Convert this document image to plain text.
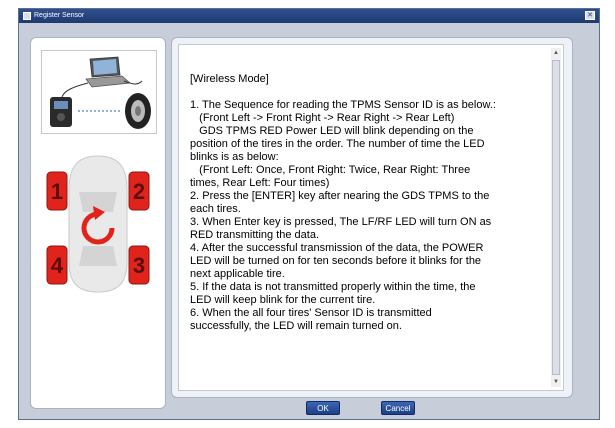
Register Sensor	✕
1	2
4	3
[Wireless Mode]
1. The Sequence for reading the TPMS Sensor ID is as below.:
(Front Left -> Front Right -> Rear Right -> Rear Left)
GDS TPMS RED Power LED will blink depending on the
position of the tires in the order. The number of time the LED
blinks is as below:
(Front Left: Once, Front Right: Twice, Rear Right: Three
times, Rear Left: Four times)
2. Press the [ENTER] key after nearing the GDS TPMS to the
each tires.
3. When Enter key is pressed, The LF/RF LED will turn ON as
RED transmitting the data.
4. After the successful transmission of the data, the POWER
LED will be turned on for ten seconds before it blinks for the
next applicable tire.
5. If the data is not transmitted properly within the time, the
LED will keep blink for the current tire.
6. When the all four tires' Sensor ID is transmitted
successfully, the LED will remain turned on.
▲
▼
OK	Cancel
